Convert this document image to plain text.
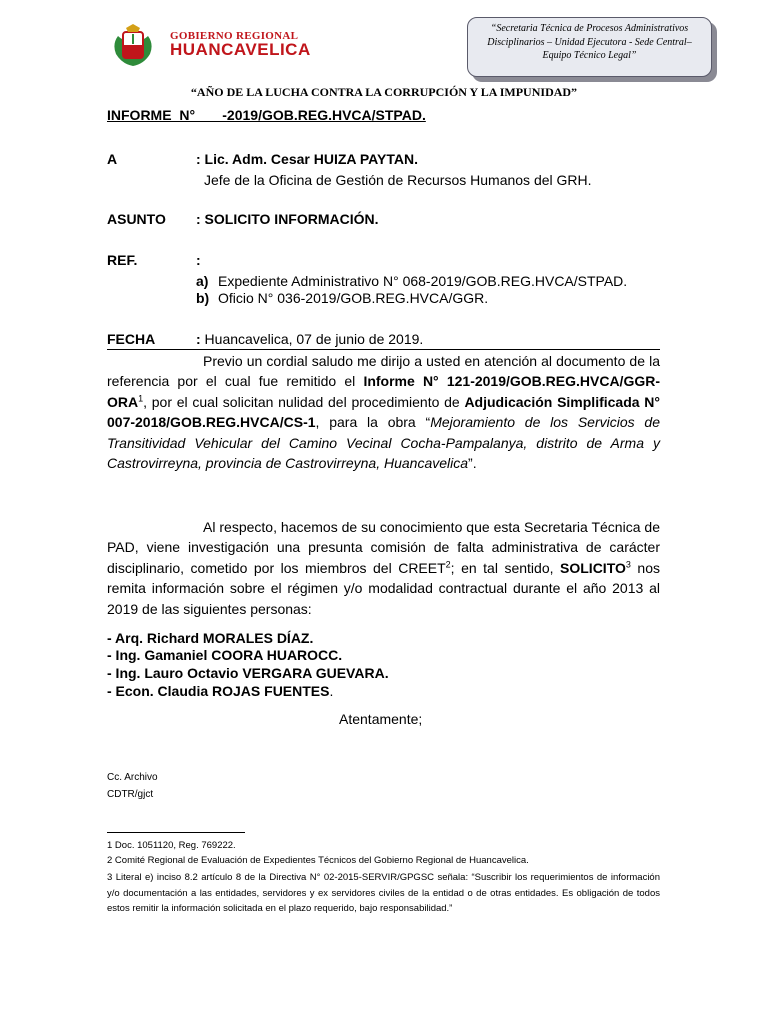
GOBIERNO REGIONAL
HUANCAVELICA
“Secretaria Técnica de Procesos Administrativos
Disciplinarios – Unidad Ejecutora - Sede Central–
Equipo Técnico Legal”
“AÑO DE LA LUCHA CONTRA LA CORRUPCIÓN Y LA IMPUNIDAD”
INFORME  N°       -2019/GOB.REG.HVCA/STPAD.
A	: Lic. Adm. Cesar HUIZA PAYTAN.
Jefe de la Oficina de Gestión de Recursos Humanos del GRH.
ASUNTO : SOLICITO INFORMACIÓN.
REF.	:
a) Expediente Administrativo N° 068-2019/GOB.REG.HVCA/STPAD.
b) Oficio N° 036-2019/GOB.REG.HVCA/GGR.
FECHA	: Huancavelica, 07 de junio de 2019.
Previo un cordial saludo me dirijo a usted en atención al documento de la referencia por el cual fue remitido el Informe N° 121-2019/GOB.REG.HVCA/GGR-ORA$^1$, por el cual solicitan nulidad del procedimiento de Adjudicación Simplificada N° 007-2018/GOB.REG.HVCA/CS-1, para la obra “Mejoramiento de los Servicios de Transitividad Vehicular del Camino Vecinal Cocha-Pampalanya, distrito de Arma y Castrovirreyna, provincia de Castrovirreyna, Huancavelica”.
Al respecto, hacemos de su conocimiento que esta Secretaria Técnica de PAD, viene investigación una presunta comisión de falta administrativa de carácter disciplinario, cometido por los miembros del CREET$^2$; en tal sentido, SOLICITO$^3$ nos remita información sobre el régimen y/o modalidad contractual durante el año 2013 al 2019 de las siguientes personas:
- Arq. Richard MORALES DÍAZ.
- Ing. Gamaniel COORA HUAROCC.
- Ing. Lauro Octavio VERGARA GUEVARA.
- Econ. Claudia ROJAS FUENTES.
Atentamente;
Cc. Archivo
CDTR/gjct
1 Doc. 1051120, Reg. 769222.
2 Comité Regional de Evaluación de Expedientes Técnicos del Gobierno Regional de Huancavelica.
3 Literal e) inciso 8.2 artículo 8 de la Directiva N° 02-2015-SERVIR/GPGSC señala: “Suscribir los requerimientos de información y/o documentación a las entidades, servidores y ex servidores civiles de la entidad o de otras entidades. Es obligación de todos estos remitir la información solicitada en el plazo requerido, bajo responsabilidad.”
